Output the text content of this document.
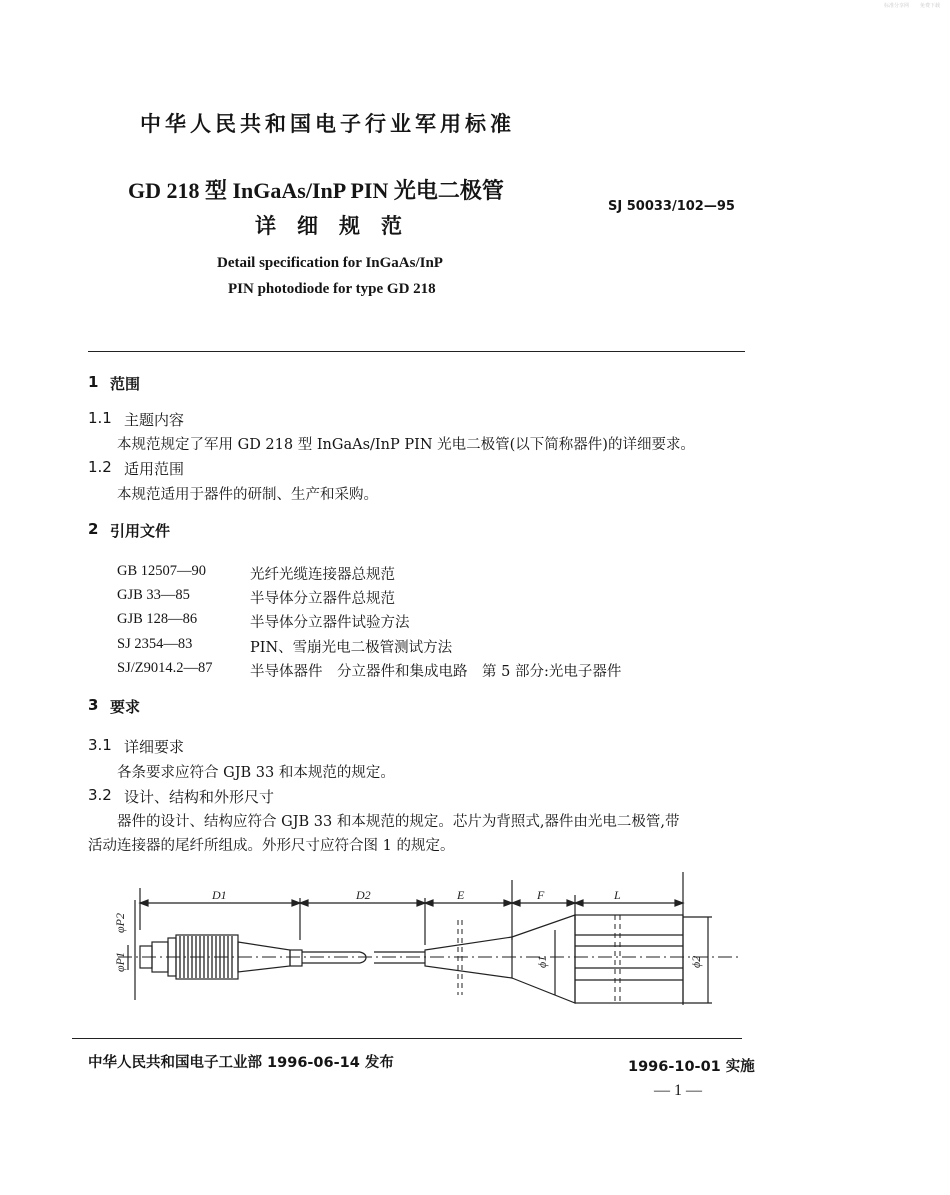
标准分享网 免费下载
中华人民共和国电子行业军用标准
GD 218 型 InGaAs/InP PIN 光电二极管
详　细　规　范
SJ 50033/102—95
Detail specification for InGaAs/InP
PIN photodiode for type GD 218
1 范围
1.1 主题内容
本规范规定了军用 GD 218 型 InGaAs/InP PIN 光电二极管(以下简称器件)的详细要求。
1.2 适用范围
本规范适用于器件的研制、生产和采购。
2 引用文件
GB 12507—90	光纤光缆连接器总规范
GJB 33—85	半导体分立器件总规范
GJB 128—86	半导体分立器件试验方法
SJ 2354—83	PIN、雪崩光电二极管测试方法
SJ/Z9014.2—87	半导体器件　分立器件和集成电路　第 5 部分:光电子器件
3 要求
3.1 详细要求
各条要求应符合 GJB 33 和本规范的规定。
3.2 设计、结构和外形尺寸
器件的设计、结构应符合 GJB 33 和本规范的规定。芯片为背照式,器件由光电二极管,带
活动连接器的尾纤所组成。外形尺寸应符合图 1 的规定。
D1	D2	E	F	L
φP1
φP2
ϕ1	ϕ2
中华人民共和国电子工业部 1996-06-14 发布	1996-10-01 实施
— 1 —
